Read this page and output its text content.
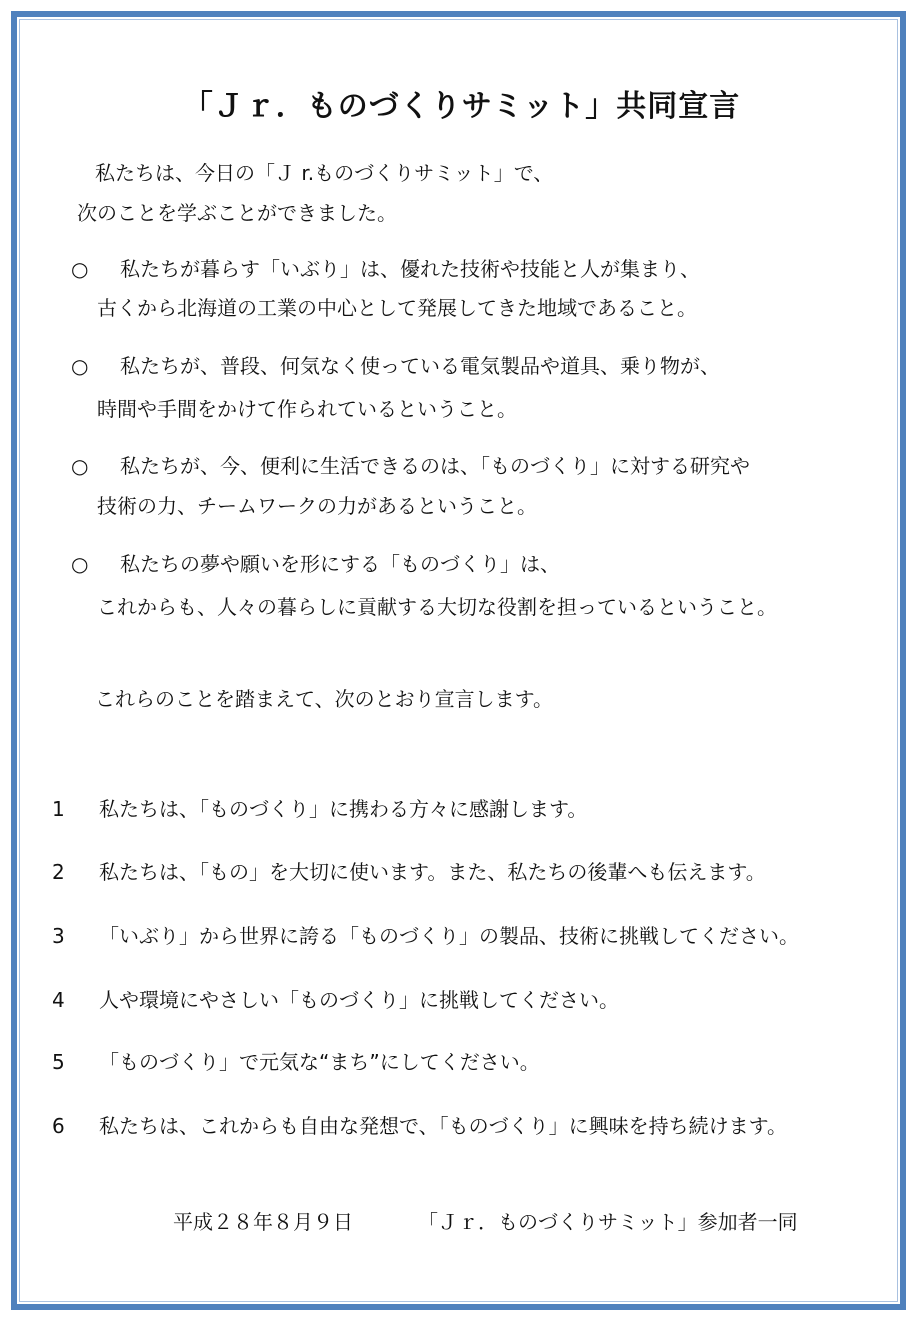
「Ｊｒ．ものづくりサミット」共同宣言
私たちは、今日の「Ｊ r.ものづくりサミット」で、
次のことを学ぶことができました。
○ 私たちが暮らす「いぶり」は、優れた技術や技能と人が集まり、
古くから北海道の工業の中心として発展してきた地域であること。
○ 私たちが、普段、何気なく使っている電気製品や道具、乗り物が、
時間や手間をかけて作られているということ。
○ 私たちが、今、便利に生活できるのは、「ものづくり」に対する研究や
技術の力、チームワークの力があるということ。
○ 私たちの夢や願いを形にする「ものづくり」は、
これからも、人々の暮らしに貢献する大切な役割を担っているということ。
これらのことを踏まえて、次のとおり宣言します。
1 私たちは、「ものづくり」に携わる方々に感謝します。
2 私たちは、「もの」を大切に使います。また、私たちの後輩へも伝えます。
3 「いぶり」から世界に誇る「ものづくり」の製品、技術に挑戦してください。
4 人や環境にやさしい「ものづくり」に挑戦してください。
5 「ものづくり」で元気な“まち”にしてください。
6 私たちは、これからも自由な発想で、「ものづくり」に興味を持ち続けます。
平成２８年８月９日	「Ｊｒ．ものづくりサミット」参加者一同
